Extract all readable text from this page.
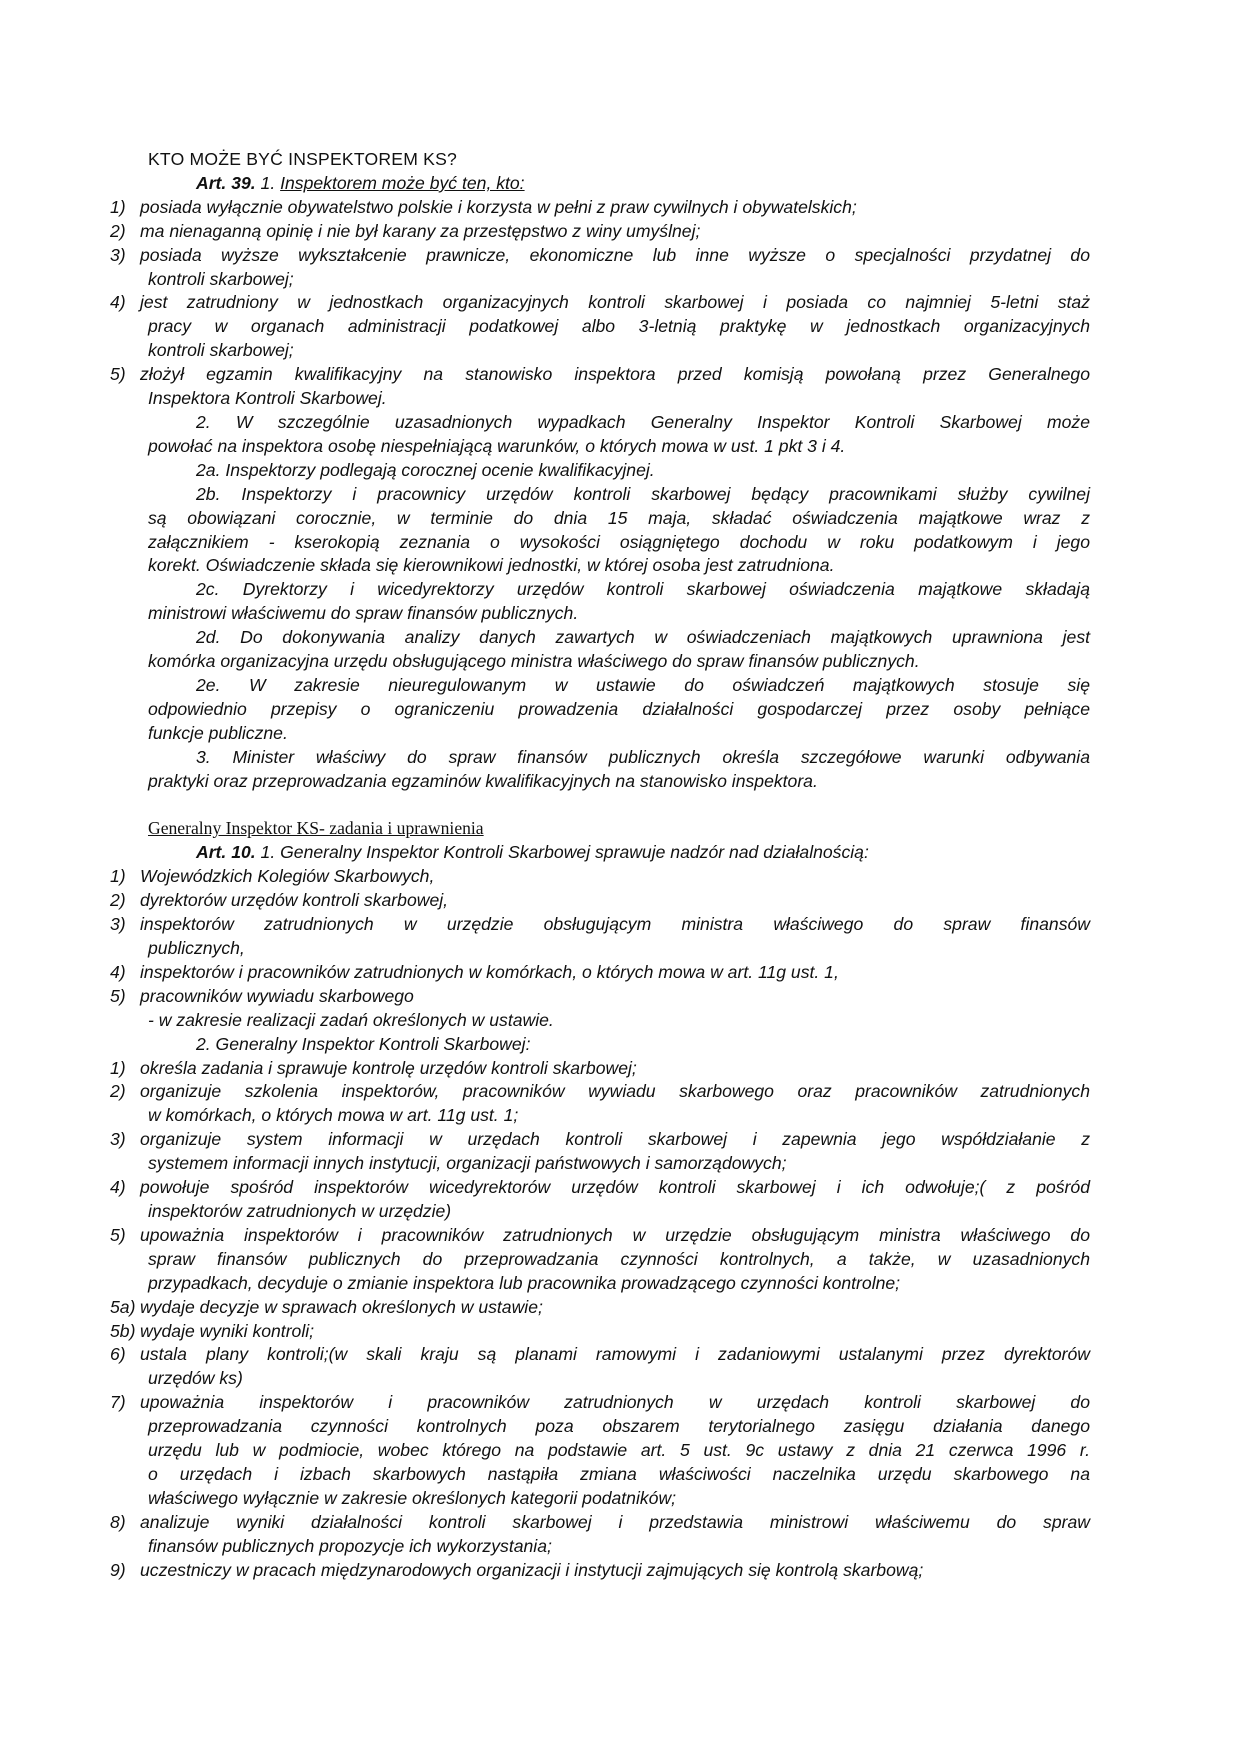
KTO MOŻE BYĆ INSPEKTOREM KS?
Art. 39. 1. Inspektorem może być ten, kto:
1) posiada wyłącznie obywatelstwo polskie i korzysta w pełni z praw cywilnych i obywatelskich;
2) ma nienaganną opinię i nie był karany za przestępstwo z winy umyślnej;
3) posiada wyższe wykształcenie prawnicze, ekonomiczne lub inne wyższe o specjalności przydatnej do
kontroli skarbowej;
4) jest zatrudniony w jednostkach organizacyjnych kontroli skarbowej i posiada co najmniej 5-letni staż
pracy w organach administracji podatkowej albo 3-letnią praktykę w jednostkach organizacyjnych
kontroli skarbowej;
5) złożył egzamin kwalifikacyjny na stanowisko inspektora przed komisją powołaną przez Generalnego
Inspektora Kontroli Skarbowej.
2. W szczególnie uzasadnionych wypadkach Generalny Inspektor Kontroli Skarbowej może
powołać na inspektora osobę niespełniającą warunków, o których mowa w ust. 1 pkt 3 i 4.
2a. Inspektorzy podlegają corocznej ocenie kwalifikacyjnej.
2b. Inspektorzy i pracownicy urzędów kontroli skarbowej będący pracownikami służby cywilnej
są obowiązani corocznie, w terminie do dnia 15 maja, składać oświadczenia majątkowe wraz z
załącznikiem - kserokopią zeznania o wysokości osiągniętego dochodu w roku podatkowym i jego
korekt. Oświadczenie składa się kierownikowi jednostki, w której osoba jest zatrudniona.
2c. Dyrektorzy i wicedyrektorzy urzędów kontroli skarbowej oświadczenia majątkowe składają
ministrowi właściwemu do spraw finansów publicznych.
2d. Do dokonywania analizy danych zawartych w oświadczeniach majątkowych uprawniona jest
komórka organizacyjna urzędu obsługującego ministra właściwego do spraw finansów publicznych.
2e. W zakresie nieuregulowanym w ustawie do oświadczeń majątkowych stosuje się
odpowiednio przepisy o ograniczeniu prowadzenia działalności gospodarczej przez osoby pełniące
funkcje publiczne.
3. Minister właściwy do spraw finansów publicznych określa szczegółowe warunki odbywania
praktyki oraz przeprowadzania egzaminów kwalifikacyjnych na stanowisko inspektora.
Generalny Inspektor KS- zadania i uprawnienia
Art. 10. 1. Generalny Inspektor Kontroli Skarbowej sprawuje nadzór nad działalnością:
1) Wojewódzkich Kolegiów Skarbowych,
2) dyrektorów urzędów kontroli skarbowej,
3) inspektorów zatrudnionych w urzędzie obsługującym ministra właściwego do spraw finansów
publicznych,
4) inspektorów i pracowników zatrudnionych w komórkach, o których mowa w art. 11g ust. 1,
5) pracowników wywiadu skarbowego
- w zakresie realizacji zadań określonych w ustawie.
2. Generalny Inspektor Kontroli Skarbowej:
1) określa zadania i sprawuje kontrolę urzędów kontroli skarbowej;
2) organizuje szkolenia inspektorów, pracowników wywiadu skarbowego oraz pracowników zatrudnionych
w komórkach, o których mowa w art. 11g ust. 1;
3) organizuje system informacji w urzędach kontroli skarbowej i zapewnia jego współdziałanie z
systemem informacji innych instytucji, organizacji państwowych i samorządowych;
4) powołuje spośród inspektorów wicedyrektorów urzędów kontroli skarbowej i ich odwołuje;( z pośród
inspektorów zatrudnionych w urzędzie)
5) upoważnia inspektorów i pracowników zatrudnionych w urzędzie obsługującym ministra właściwego do
spraw finansów publicznych do przeprowadzania czynności kontrolnych, a także, w uzasadnionych
przypadkach, decyduje o zmianie inspektora lub pracownika prowadzącego czynności kontrolne;
5a) wydaje decyzje w sprawach określonych w ustawie;
5b) wydaje wyniki kontroli;
6) ustala plany kontroli;(w skali kraju są planami ramowymi i zadaniowymi ustalanymi przez dyrektorów
urzędów ks)
7) upoważnia inspektorów i pracowników zatrudnionych w urzędach kontroli skarbowej do
przeprowadzania czynności kontrolnych poza obszarem terytorialnego zasięgu działania danego
urzędu lub w podmiocie, wobec którego na podstawie art. 5 ust. 9c ustawy z dnia 21 czerwca 1996 r.
o urzędach i izbach skarbowych nastąpiła zmiana właściwości naczelnika urzędu skarbowego na
właściwego wyłącznie w zakresie określonych kategorii podatników;
8) analizuje wyniki działalności kontroli skarbowej i przedstawia ministrowi właściwemu do spraw
finansów publicznych propozycje ich wykorzystania;
9) uczestniczy w pracach międzynarodowych organizacji i instytucji zajmujących się kontrolą skarbową;
